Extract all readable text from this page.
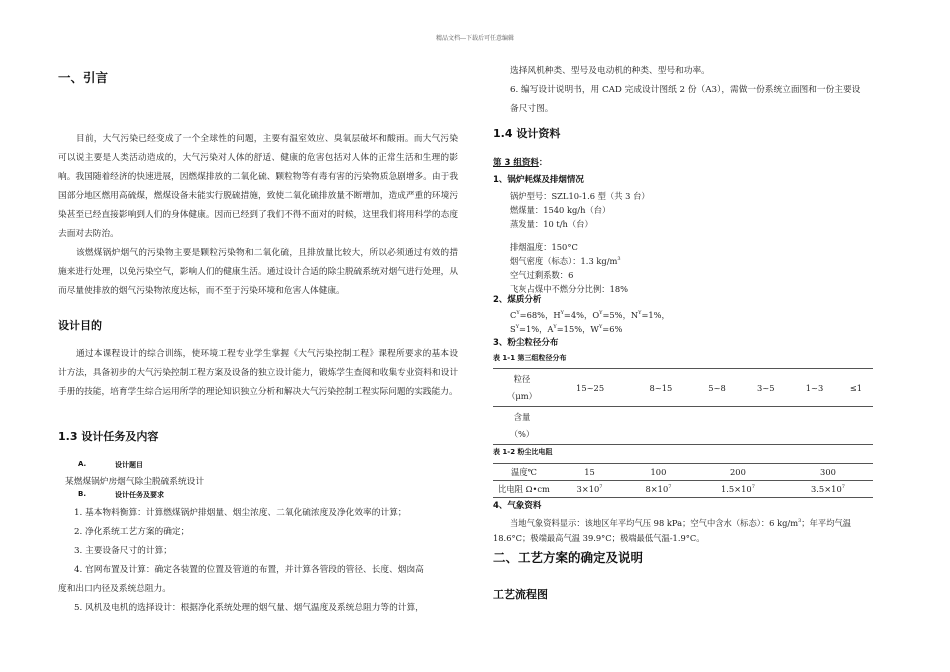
精品文档---下载后可任意编辑
一、引言
目前，大气污染已经变成了一个全球性的问题，主要有温室效应、臭氧层破坏和酸雨。而大气污染可以说主要是人类活动造成的，大气污染对人体的舒适、健康的危害包括对人体的正常生活和生理的影响。我国随着经济的快速进展，因燃煤排放的二氧化硫、颗粒物等有毒有害的污染物质急剧增多。由于我国部分地区燃用高硫煤，燃煤设备未能实行脱硫措施，致使二氧化硫排放量不断增加，造成严重的环境污染甚至已经直接影响到人们的身体健康。因而已经到了我们不得不面对的时候，这里我们将用科学的态度去面对去防治。
该燃煤锅炉烟气的污染物主要是颗粒污染物和二氧化硫，且排放量比较大，所以必须通过有效的措施来进行处理，以免污染空气，影响人们的健康生活。通过设计合适的除尘脱硫系统对烟气进行处理，从而尽量使排放的烟气污染物浓度达标，而不至于污染环境和危害人体健康。
设计目的
通过本课程设计的综合训练，使环境工程专业学生掌握《大气污染控制工程》课程所要求的基本设计方法，具备初步的大气污染控制工程方案及设备的独立设计能力，锻炼学生查阅和收集专业资料和设计手册的技能，培育学生综合运用所学的理论知识独立分析和解决大气污染控制工程实际问题的实践能力。
1.3 设计任务及内容
A.	设计题目
某燃煤锅炉房烟气除尘脱硫系统设计
B.	设计任务及要求
1. 基本物料衡算：计算燃煤锅炉排烟量、烟尘浓度、二氧化硫浓度及净化效率的计算；
2. 净化系统工艺方案的确定；
3. 主要设备尺寸的计算；
4. 官网布置及计算：确定各装置的位置及管道的布置，并计算各管段的管径、长度、烟囱高
度和出口内径及系统总阻力。
5. 风机及电机的选择设计：根据净化系统处理的烟气量、烟气温度及系统总阻力等的计算，
选择风机种类、型号及电动机的种类、型号和功率。
6. 编写设计说明书，用 CAD 完成设计图纸 2 份（A3），需做一份系统立面图和一份主要设
备尺寸图。
1.4 设计资料
第 3 组资料：
1、锅炉耗煤及排烟情况
锅炉型号：SZL10-1.6 型（共 3 台）
燃煤量：1540 kg/h（台）
蒸发量：10 t/h（台）
排烟温度：150°C
烟气密度（标态）：1.3 $kg/m^3$
空气过剩系数：6
飞灰占煤中不燃分分比例：18%
2、煤质分析
$C^Y=68\%$，$H^Y=4\%$，$O^Y=5\%$，$N^Y=1\%$，
$S^Y=1\%$，$A^Y=15\%$，$W^Y=6\%$
3、粉尘粒径分布
表 1-1 第三组粒径分布
粒径
（μm）	15~25	8~15	5~8	3~5	1~3	≤1

含量
（%）						

表 1-2 粉尘比电阻
温度℃	15	100	200	300
比电阻 Ω•cm	$3\times 10^7$	$8\times 10^7$	$1.5\times 10^7$	$3.5\times 10^7$
4、气象资料
当地气象资料显示：该地区年平均气压 98 kPa；空气中含水（标态）：6 $kg/m^3$；年平均气温
18.6°C；极端最高气温 39.9°C；极端最低气温-1.9°C。
二、工艺方案的确定及说明
工艺流程图
